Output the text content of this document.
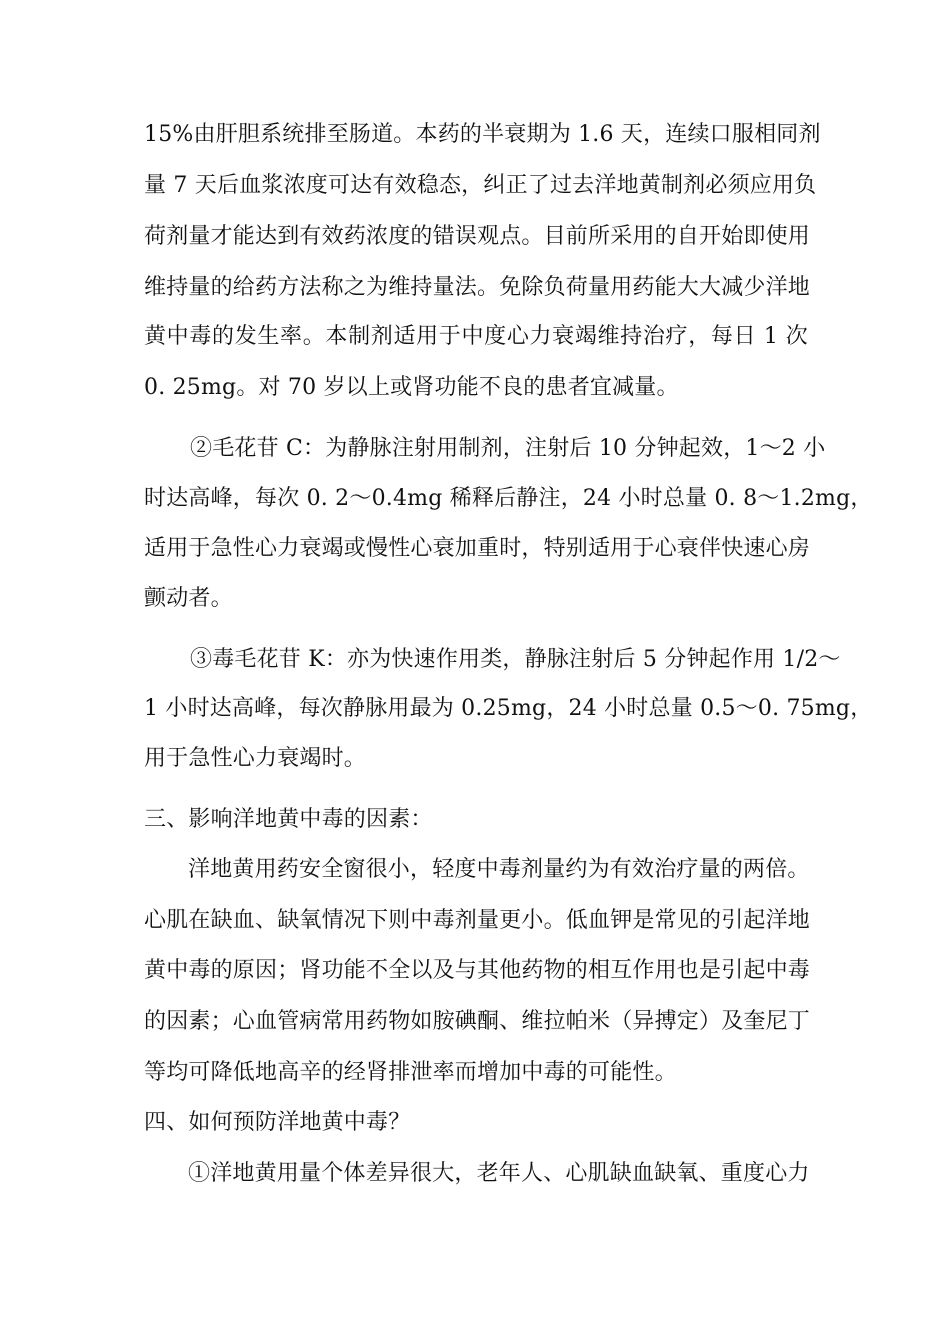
15%由肝胆系统排至肠道。本药的半衰期为 1.6 天，连续口服相同剂
量 7 天后血浆浓度可达有效稳态，纠正了过去洋地黄制剂必须应用负
荷剂量才能达到有效药浓度的错误观点。目前所采用的自开始即使用
维持量的给药方法称之为维持量法。免除负荷量用药能大大减少洋地
黄中毒的发生率。本制剂适用于中度心力衰竭维持治疗，每日 1 次
0. 25mg。对 70 岁以上或肾功能不良的患者宜减量。
②毛花苷 C：为静脉注射用制剂，注射后 10 分钟起效，1～2 小
时达高峰，每次 0. 2～0.4mg 稀释后静注，24 小时总量 0. 8～1.2mg，
适用于急性心力衰竭或慢性心衰加重时，特别适用于心衰伴快速心房
颤动者。
③毒毛花苷 K：亦为快速作用类，静脉注射后 5 分钟起作用 1/2～
1 小时达高峰，每次静脉用最为 0.25mg，24 小时总量 0.5～0. 75mg，
用于急性心力衰竭时。
三、影响洋地黄中毒的因素：
洋地黄用药安全窗很小，轻度中毒剂量约为有效治疗量的两倍。
心肌在缺血、缺氧情况下则中毒剂量更小。低血钾是常见的引起洋地
黄中毒的原因；肾功能不全以及与其他药物的相互作用也是引起中毒
的因素；心血管病常用药物如胺碘酮、维拉帕米（异搏定）及奎尼丁
等均可降低地高辛的经肾排泄率而增加中毒的可能性。
四、如何预防洋地黄中毒？
①洋地黄用量个体差异很大，老年人、心肌缺血缺氧、重度心力
